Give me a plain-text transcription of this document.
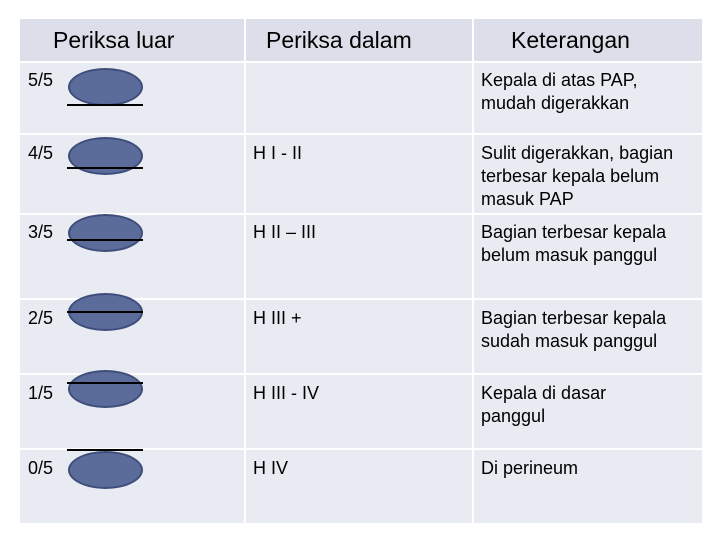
Periksa luar	Periksa dalam	Keterangan
5/5
4/5
3/5
2/5
1/5
0/5
H I - II
H II – III
H III +
H III - IV
H IV
Kepala di atas PAP,
mudah digerakkan
Sulit digerakkan, bagian
terbesar kepala belum
masuk PAP
Bagian terbesar kepala
belum masuk panggul
Bagian terbesar kepala
sudah masuk panggul
Kepala di dasar
panggul
Di perineum
